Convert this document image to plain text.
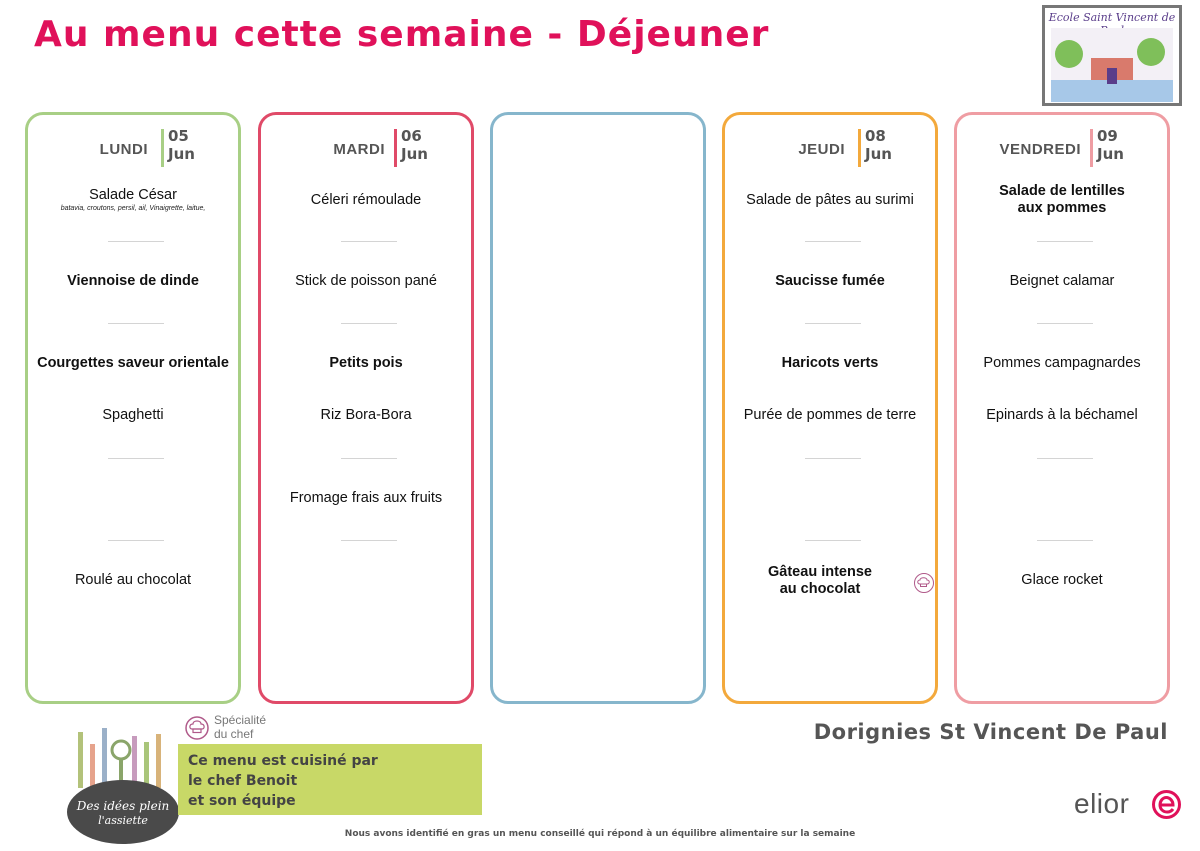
Au menu cette semaine - Déjeuner	Ecole Saint Vincent de
LUNDI
05
Jun
Salade César
batavia, croutons, persil, ail, Vinaigrette, laitue,
Viennoise de dinde
Courgettes saveur orientale
Spaghetti
Roulé au chocolat
MARDI
06
Jun
Céleri rémoulade
Stick de poisson pané
Petits pois
Riz Bora-Bora
Fromage frais aux fruits
JEUDI
08
Jun
Salade de pâtes au surimi
Saucisse fumée
Haricots verts
Purée de pommes de terre
Gâteau intense
au chocolat
VENDREDI
09
Jun
Salade de lentilles
aux pommes
Beignet calamar
Pommes campagnardes
Epinards à la béchamel
Glace rocket
Des idées plein
l'assiette
Spécialité
du chef
Ce menu est cuisiné par
le chef Benoit
et son équipe
Dorignies St Vincent De Paul
elior
Nous avons identifié en gras un menu conseillé qui répond à un équilibre alimentaire sur la semaine
